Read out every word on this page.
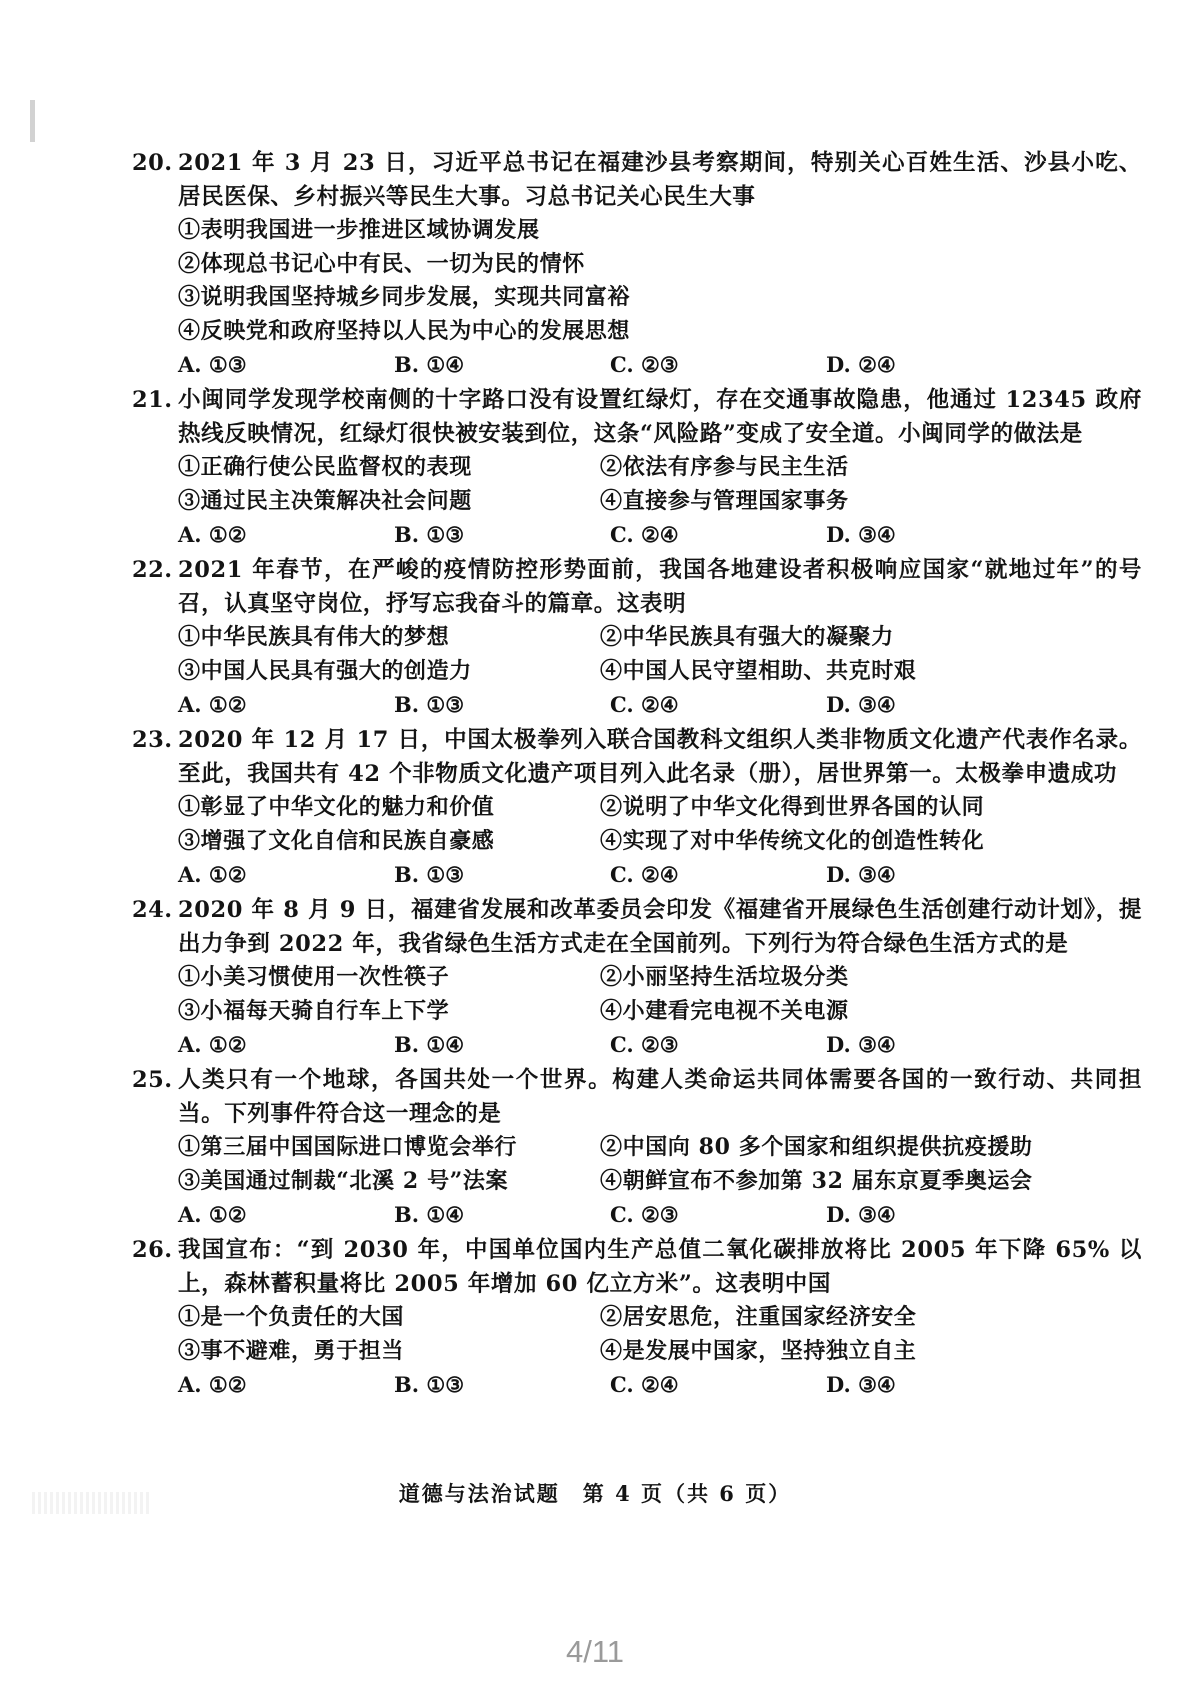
20. 2021 年 3 月 23 日，习近平总书记在福建沙县考察期间，特别关心百姓生活、沙县小吃、居民医保、乡村振兴等民生大事。习总书记关心民生大事
①表明我国进一步推进区域协调发展
②体现总书记心中有民、一切为民的情怀
③说明我国坚持城乡同步发展，实现共同富裕
④反映党和政府坚持以人民为中心的发展思想
A. ①③	B. ①④	C. ②③	D. ②④
21. 小闽同学发现学校南侧的十字路口没有设置红绿灯，存在交通事故隐患，他通过 12345 政府热线反映情况，红绿灯很快被安装到位，这条“风险路”变成了安全道。小闽同学的做法是
①正确行使公民监督权的表现	②依法有序参与民主生活
③通过民主决策解决社会问题	④直接参与管理国家事务
A. ①②	B. ①③	C. ②④	D. ③④
22. 2021 年春节，在严峻的疫情防控形势面前，我国各地建设者积极响应国家“就地过年”的号召，认真坚守岗位，抒写忘我奋斗的篇章。这表明
①中华民族具有伟大的梦想	②中华民族具有强大的凝聚力
③中国人民具有强大的创造力	④中国人民守望相助、共克时艰
A. ①②	B. ①③	C. ②④	D. ③④
23. 2020 年 12 月 17 日，中国太极拳列入联合国教科文组织人类非物质文化遗产代表作名录。至此，我国共有 42 个非物质文化遗产项目列入此名录（册），居世界第一。太极拳申遗成功
①彰显了中华文化的魅力和价值	②说明了中华文化得到世界各国的认同
③增强了文化自信和民族自豪感	④实现了对中华传统文化的创造性转化
A. ①②	B. ①③	C. ②④	D. ③④
24. 2020 年 8 月 9 日，福建省发展和改革委员会印发《福建省开展绿色生活创建行动计划》，提出力争到 2022 年，我省绿色生活方式走在全国前列。下列行为符合绿色生活方式的是
①小美习惯使用一次性筷子	②小丽坚持生活垃圾分类
③小福每天骑自行车上下学	④小建看完电视不关电源
A. ①②	B. ①④	C. ②③	D. ③④
25. 人类只有一个地球，各国共处一个世界。构建人类命运共同体需要各国的一致行动、共同担当。下列事件符合这一理念的是
①第三届中国国际进口博览会举行	②中国向 80 多个国家和组织提供抗疫援助
③美国通过制裁“北溪 2 号”法案	④朝鲜宣布不参加第 32 届东京夏季奥运会
A. ①②	B. ①④	C. ②③	D. ③④
26. 我国宣布：“到 2030 年，中国单位国内生产总值二氧化碳排放将比 2005 年下降 65% 以上，森林蓄积量将比 2005 年增加 60 亿立方米”。这表明中国
①是一个负责任的大国	②居安思危，注重国家经济安全
③事不避难，勇于担当	④是发展中国家，坚持独立自主
A. ①②	B. ①③	C. ②④	D. ③④
道德与法治试题　第 4 页（共 6 页）
4/11
